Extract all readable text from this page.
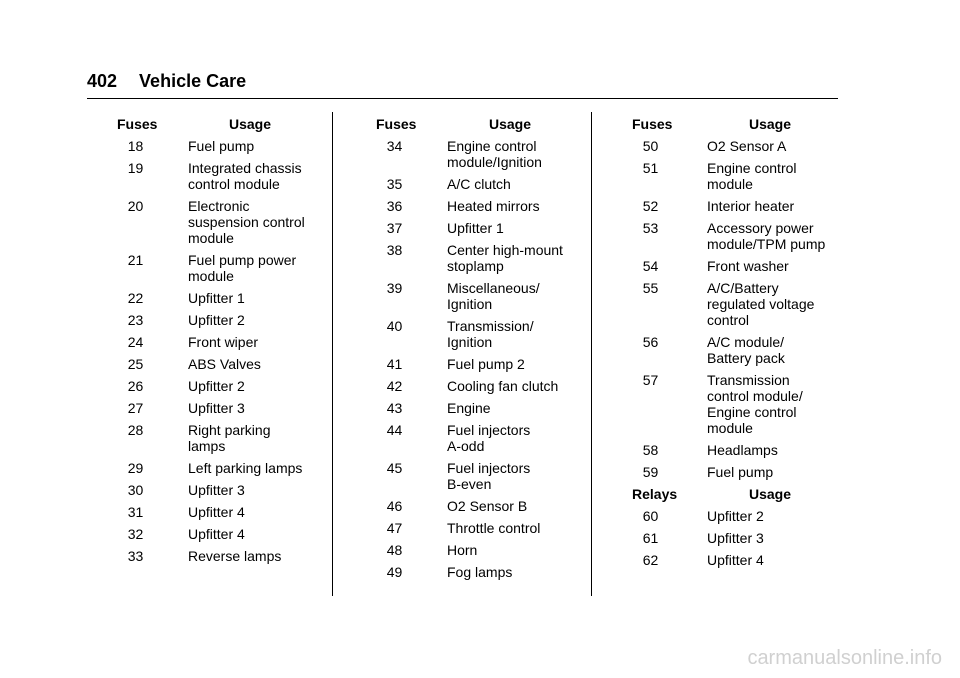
402 Vehicle Care
Fuses	Usage
18	Fuel pump
19	Integrated chassis
control module
20	Electronic
suspension control
module
21	Fuel pump power
module
22	Upfitter 1
23	Upfitter 2
24	Front wiper
25	ABS Valves
26	Upfitter 2
27	Upfitter 3
28	Right parking
lamps
29	Left parking lamps
30	Upfitter 3
31	Upfitter 4
32	Upfitter 4
33	Reverse lamps
Fuses	Usage
34	Engine control
module/Ignition
35	A/C clutch
36	Heated mirrors
37	Upfitter 1
38	Center high-mount
stoplamp
39	Miscellaneous/
Ignition
40	Transmission/
Ignition
41	Fuel pump 2
42	Cooling fan clutch
43	Engine
44	Fuel injectors
A-odd
45	Fuel injectors
B-even
46	O2 Sensor B
47	Throttle control
48	Horn
49	Fog lamps
Fuses	Usage
50	O2 Sensor A
51	Engine control
module
52	Interior heater
53	Accessory power
module/TPM pump
54	Front washer
55	A/C/Battery
regulated voltage
control
56	A/C module/
Battery pack
57	Transmission
control module/
Engine control
module
58	Headlamps
59	Fuel pump
Relays	Usage
60	Upfitter 2
61	Upfitter 3
62	Upfitter 4
carmanualsonline.info
